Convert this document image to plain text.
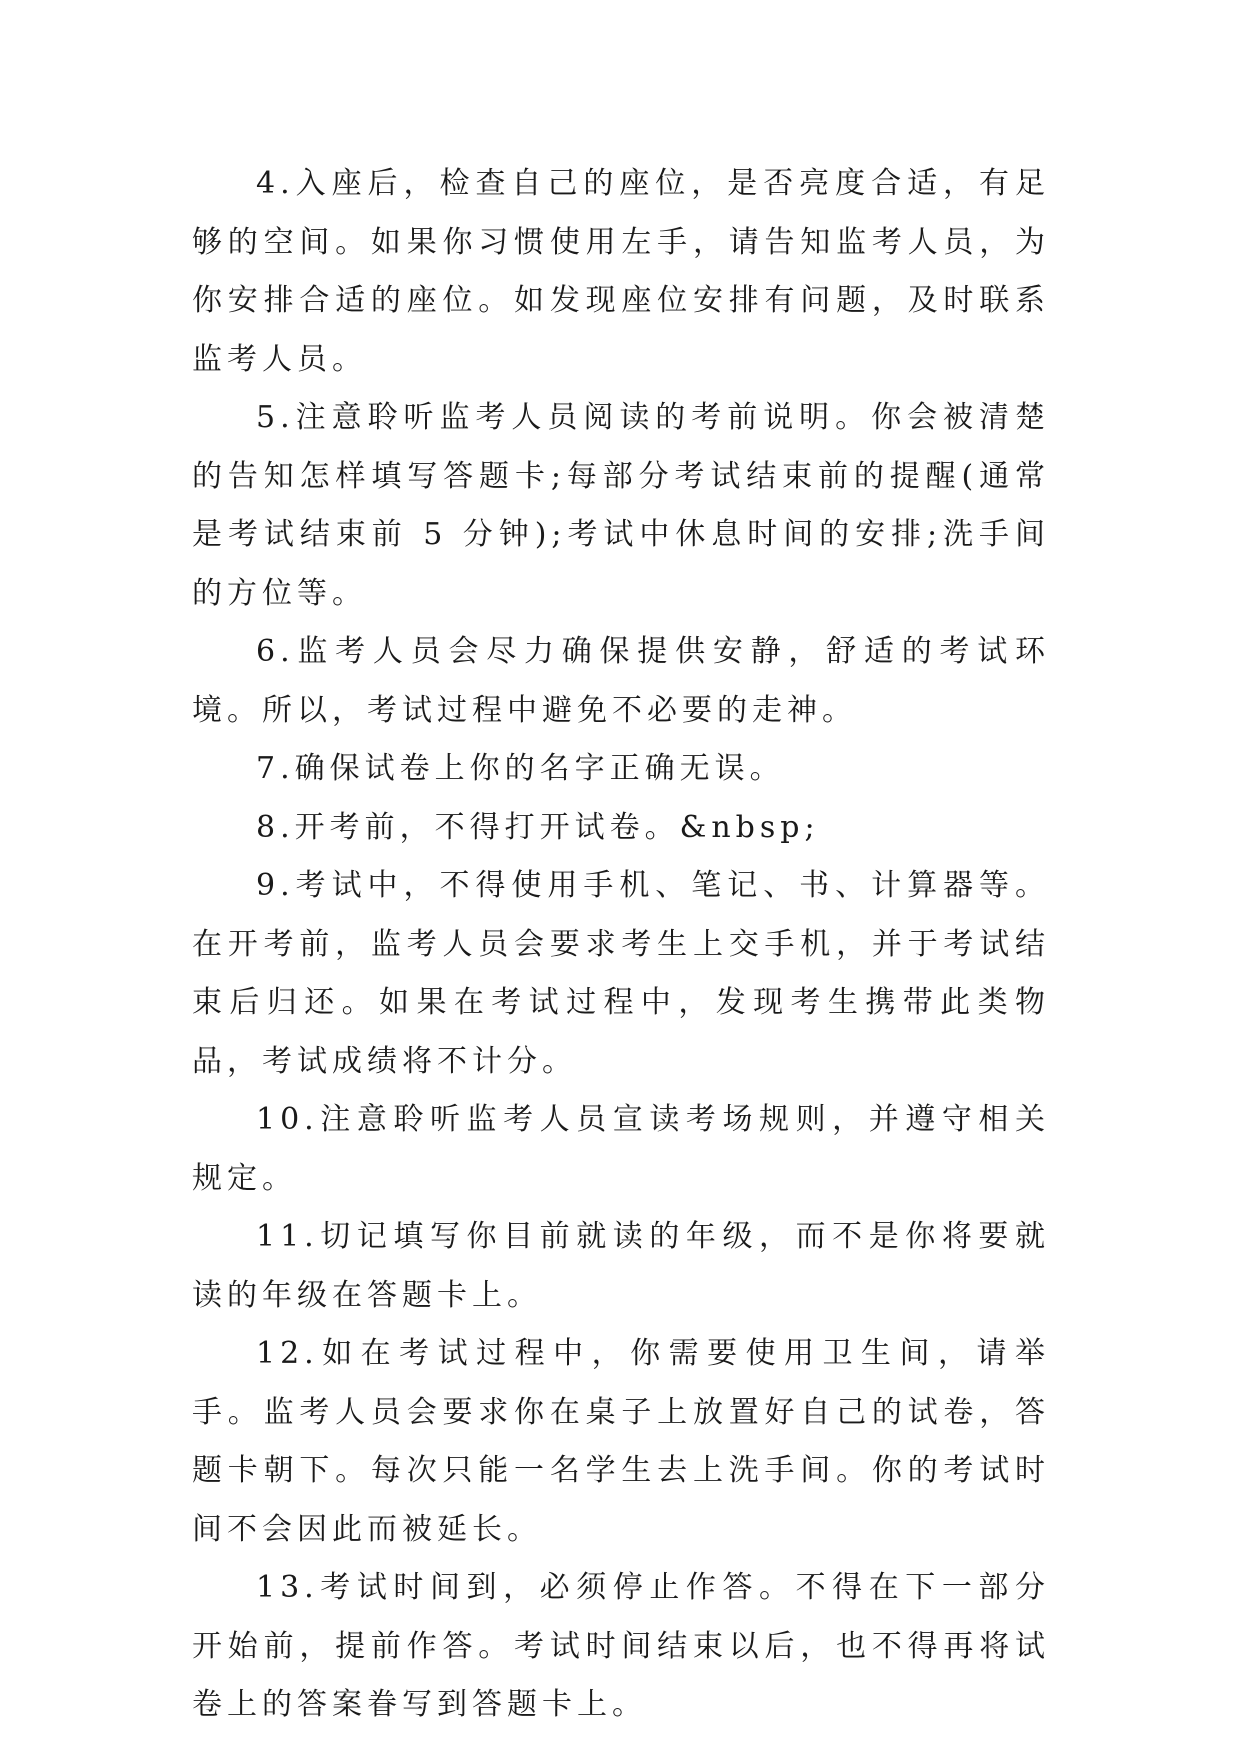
4.入座后，检查自己的座位，是否亮度合适，有足够的空间。如果你习惯使用左手，请告知监考人员，为你安排合适的座位。如发现座位安排有问题，及时联系监考人员。

5.注意聆听监考人员阅读的考前说明。你会被清楚的告知怎样填写答题卡;每部分考试结束前的提醒(通常是考试结束前 5 分钟);考试中休息时间的安排;洗手间的方位等。

6.监考人员会尽力确保提供安静，舒适的考试环境。所以，考试过程中避免不必要的走神。

7.确保试卷上你的名字正确无误。

8.开考前，不得打开试卷。&nbsp;

9.考试中，不得使用手机、笔记、书、计算器等。在开考前，监考人员会要求考生上交手机，并于考试结束后归还。如果在考试过程中，发现考生携带此类物品，考试成绩将不计分。

10.注意聆听监考人员宣读考场规则，并遵守相关规定。

11.切记填写你目前就读的年级，而不是你将要就读的年级在答题卡上。

12.如在考试过程中，你需要使用卫生间，请举手。监考人员会要求你在桌子上放置好自己的试卷，答题卡朝下。每次只能一名学生去上洗手间。你的考试时间不会因此而被延长。

13.考试时间到，必须停止作答。不得在下一部分开始前，提前作答。考试时间结束以后，也不得再将试卷上的答案眷写到答题卡上。
